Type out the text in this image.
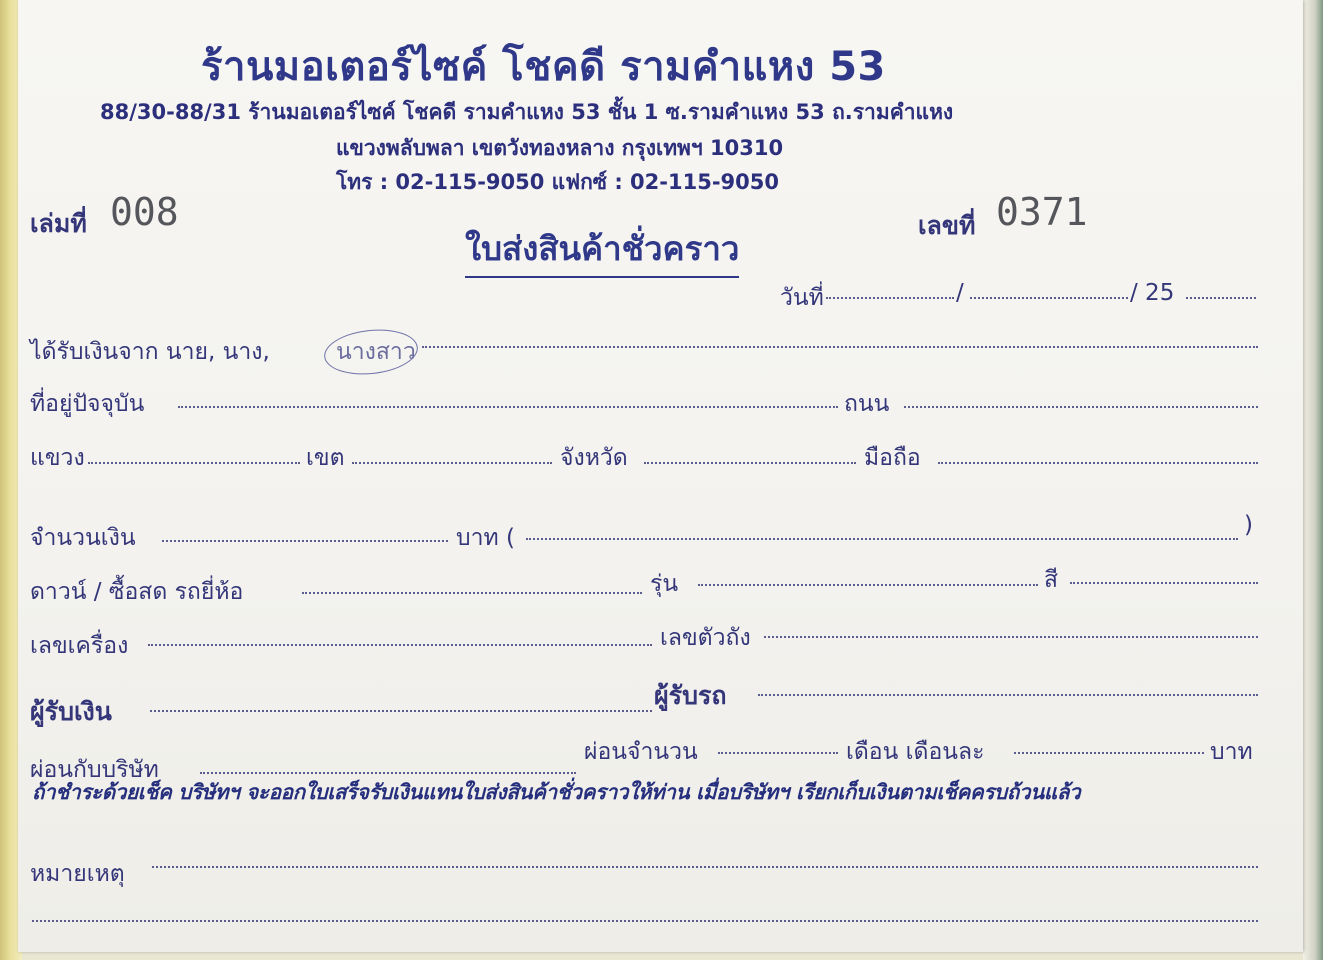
ร้านมอเตอร์ไซค์ โชคดี รามคำแหง 53
88/30-88/31 ร้านมอเตอร์ไซค์ โชคดี รามคำแหง 53 ชั้น 1 ซ.รามคำแหง 53 ถ.รามคำแหง
แขวงพลับพลา เขตวังทองหลาง กรุงเทพฯ 10310
โทร : 02-115-9050 แฟกซ์ : 02-115-9050
เล่มที่ 008	เลขที่ 0371
ใบส่งสินค้าชั่วคราว
วันที่	/	/ 25
ได้รับเงินจาก นาย, นาง,	นางสาว
ที่อยู่ปัจจุบัน	ถนน
แขวง	เขต	จังหวัด	มือถือ
จำนวนเงิน	บาท (	)
ดาวน์ / ซื้อสด รถยี่ห้อ	รุ่น	สี
เลขเครื่อง	เลขตัวถัง
ผู้รับเงิน
ผู้รับรถ
ผ่อนกับบริษัท
ผ่อนจำนวน	เดือน เดือนละ	บาท
ถ้าชำระด้วยเช็ค บริษัทฯ จะออกใบเสร็จรับเงินแทนใบส่งสินค้าชั่วคราวให้ท่าน เมื่อบริษัทฯ เรียกเก็บเงินตามเช็คครบถ้วนแล้ว
หมายเหตุ
